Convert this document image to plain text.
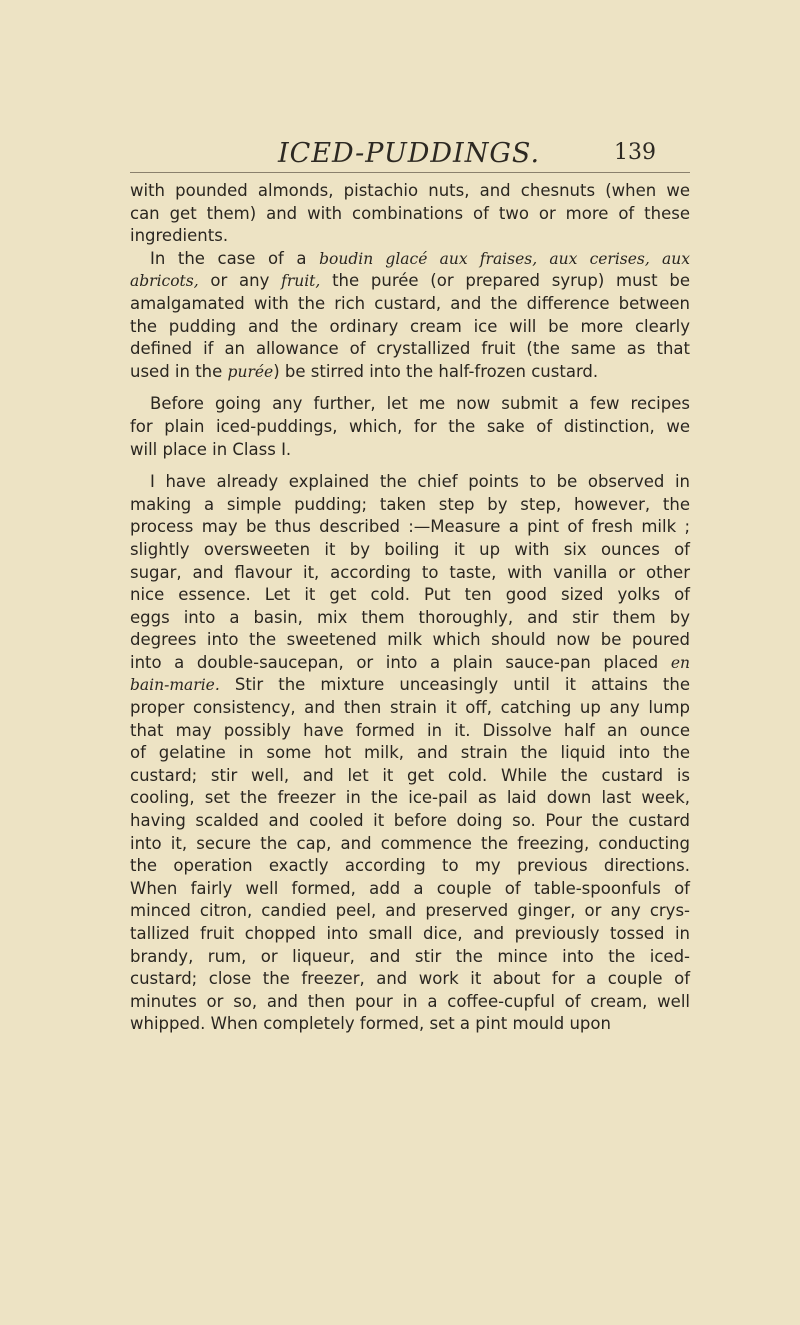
ICED-PUDDINGS.	139
with pounded almonds, pistachio nuts, and chesnuts (when we
can get them) and with combinations of two or more of these
ingredients.
In the case of a boudin glacé aux fraises, aux cerises, aux
abricots, or any fruit, the purée (or prepared syrup) must be
amalgamated with the rich custard, and the difference between
the pudding and the ordinary cream ice will be more clearly
defined if an allowance of crystallized fruit (the same as that
used in the purée) be stirred into the half-frozen custard.
Before going any further, let me now submit a few recipes
for plain iced-puddings, which, for the sake of distinction, we
will place in Class I.
I have already explained the chief points to be observed in
making a simple pudding; taken step by step, however, the
process may be thus described :—Measure a pint of fresh milk ;
slightly oversweeten it by boiling it up with six ounces of
sugar, and flavour it, according to taste, with vanilla or other
nice essence. Let it get cold. Put ten good sized yolks of
eggs into a basin, mix them thoroughly, and stir them by
degrees into the sweetened milk which should now be poured
into a double-saucepan, or into a plain sauce-pan placed en
bain-marie. Stir the mixture unceasingly until it attains the
proper consistency, and then strain it off, catching up any lump
that may possibly have formed in it. Dissolve half an ounce
of gelatine in some hot milk, and strain the liquid into the
custard; stir well, and let it get cold. While the custard is
cooling, set the freezer in the ice-pail as laid down last week,
having scalded and cooled it before doing so. Pour the custard
into it, secure the cap, and commence the freezing, conducting
the operation exactly according to my previous directions.
When fairly well formed, add a couple of table-spoonfuls of
minced citron, candied peel, and preserved ginger, or any crys-
tallized fruit chopped into small dice, and previously tossed in
brandy, rum, or liqueur, and stir the mince into the iced-
custard; close the freezer, and work it about for a couple of
minutes or so, and then pour in a coffee-cupful of cream, well
whipped. When completely formed, set a pint mould upon
